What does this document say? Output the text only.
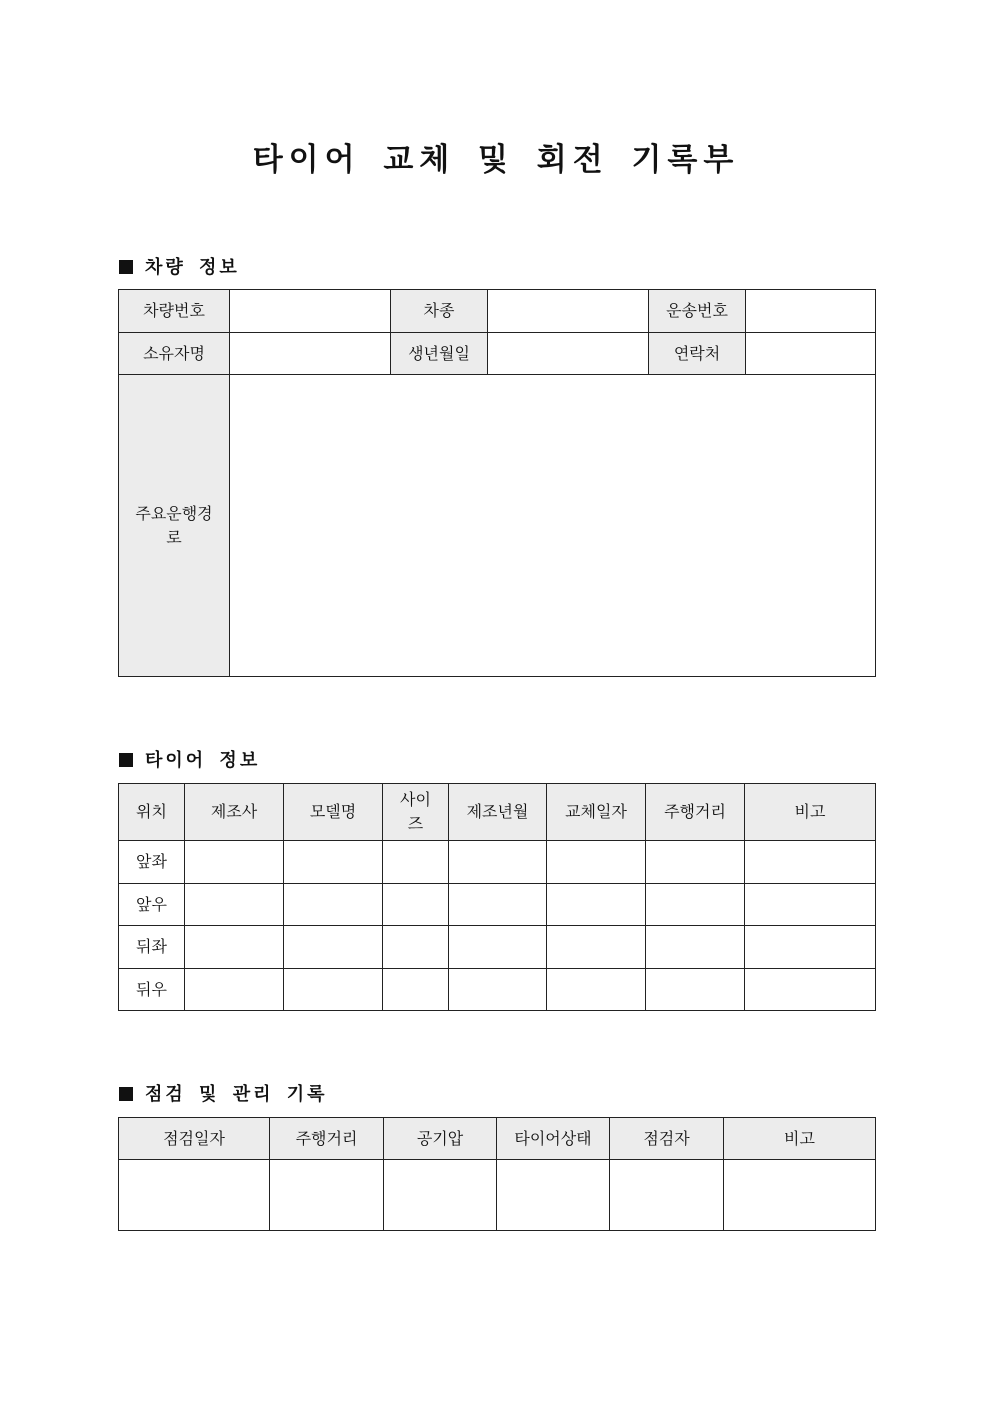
타이어 교체 및 회전 기록부
차량 정보
차량번호		차종		운송번호	
소유자명		생년월일		연락처	
주요운행경로					
타이어 정보
위치	제조사	모델명	사이즈	제조년월	교체일자	주행거리	비고
앞좌							
앞우							
뒤좌							
뒤우							
점검 및 관리 기록
점검일자	주행거리	공기압	타이어상태	점검자	비고
